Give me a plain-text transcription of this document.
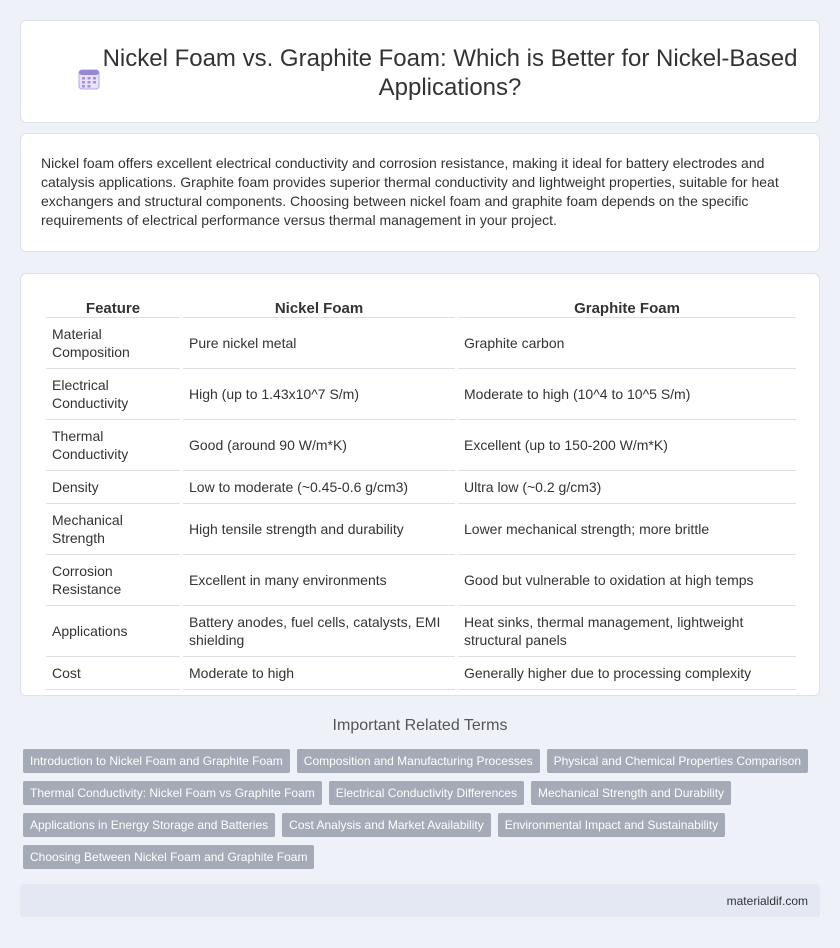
Nickel Foam vs. Graphite Foam: Which is Better for Nickel-Based Applications?

Nickel foam offers excellent electrical conductivity and corrosion resistance, making it ideal for battery electrodes and catalysis applications. Graphite foam provides superior thermal conductivity and lightweight properties, suitable for heat exchangers and structural components. Choosing between nickel foam and graphite foam depends on the specific requirements of electrical performance versus thermal management in your project.

Feature	Nickel Foam	Graphite Foam
Material Composition	Pure nickel metal	Graphite carbon
Electrical Conductivity	High (up to 1.43x10^7 S/m)	Moderate to high (10^4 to 10^5 S/m)
Thermal Conductivity	Good (around 90 W/m*K)	Excellent (up to 150-200 W/m*K)
Density	Low to moderate (~0.45-0.6 g/cm3)	Ultra low (~0.2 g/cm3)
Mechanical Strength	High tensile strength and durability	Lower mechanical strength; more brittle
Corrosion Resistance	Excellent in many environments	Good but vulnerable to oxidation at high temps
Applications	Battery anodes, fuel cells, catalysts, EMI shielding	Heat sinks, thermal management, lightweight structural panels
Cost	Moderate to high	Generally higher due to processing complexity
Important Related Terms
Introduction to Nickel Foam and Graphite Foam	Composition and Manufacturing Processes	Physical and Chemical Properties Comparison
Thermal Conductivity: Nickel Foam vs Graphite Foam	Electrical Conductivity Differences	Mechanical Strength and Durability
Applications in Energy Storage and Batteries	Cost Analysis and Market Availability	Environmental Impact and Sustainability
Choosing Between Nickel Foam and Graphite Foam
materialdif.com
